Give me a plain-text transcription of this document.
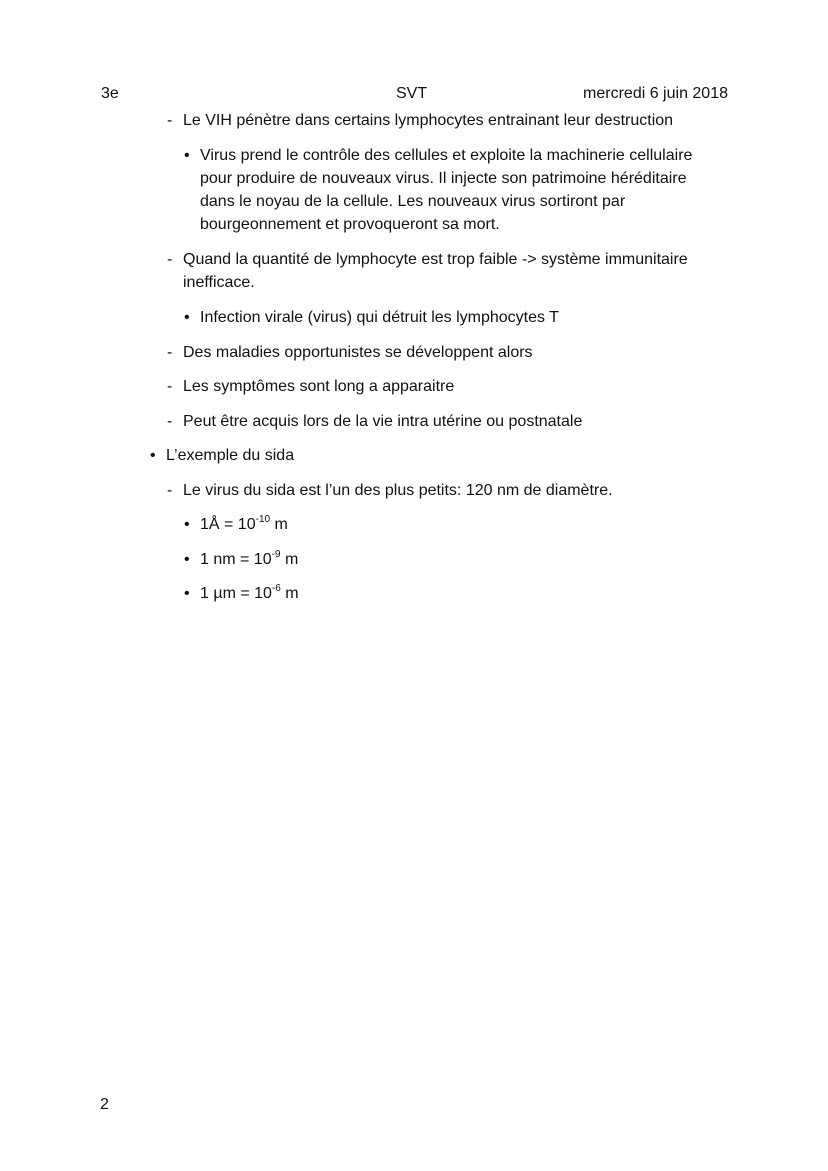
3e	SVT	mercredi 6 juin 2018
- Le VIH pénètre dans certains lymphocytes entrainant leur destruction
• Virus prend le contrôle des cellules et exploite la machinerie cellulaire pour produire de nouveaux virus. Il injecte son patrimoine héréditaire dans le noyau de la cellule. Les nouveaux virus sortiront par bourgeonnement et provoqueront sa mort.
- Quand la quantité de lymphocyte est trop faible -> système immunitaire inefficace.
• Infection virale (virus) qui détruit les lymphocytes T
- Des maladies opportunistes se développent alors
- Les symptômes sont long a apparaitre
- Peut être acquis lors de la vie intra utérine ou postnatale
• L’exemple du sida
- Le virus du sida est l’un des plus petits: 120 nm de diamètre.
• 1Å = $10^{-10}$ m
• 1 nm = $10^{-9}$ m
• 1 $\mu m = 10^{-6}$ m
2
